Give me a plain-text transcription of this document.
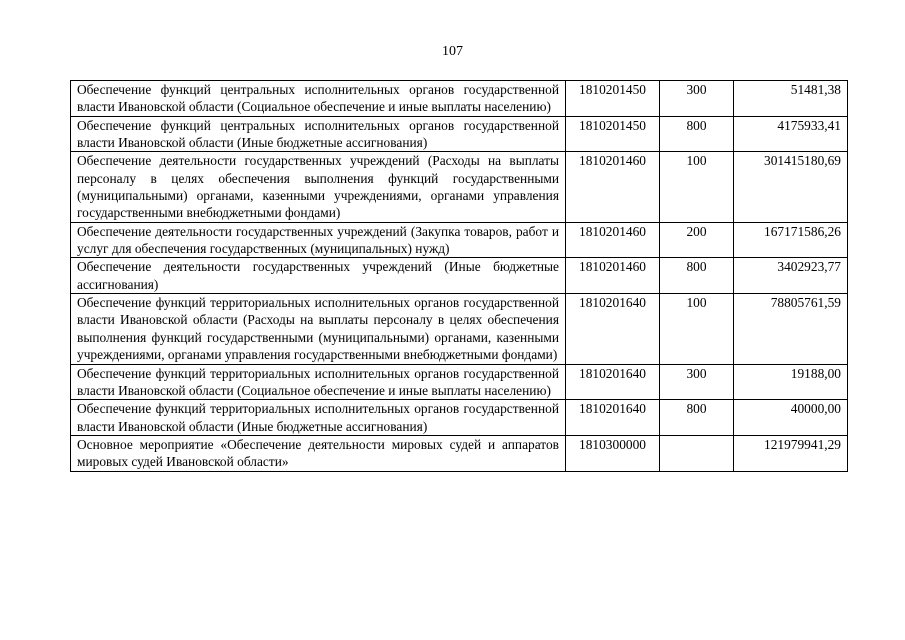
107
Обеспечение функций центральных исполнительных органов государственной власти Ивановской области (Социальное обеспечение и иные выплаты населению)	1810201450	300	51481,38
Обеспечение функций центральных исполнительных органов государственной власти Ивановской области (Иные бюджетные ассигнования)	1810201450	800	4175933,41
Обеспечение деятельности государственных учреждений (Расходы на выплаты персоналу в целях обеспечения выполнения функций государственными (муниципальными) органами, казенными учреждениями, органами управления государственными внебюджетными фондами)	1810201460	100	301415180,69
Обеспечение деятельности государственных учреждений (Закупка товаров, работ и услуг для обеспечения государственных (муниципальных) нужд)	1810201460	200	167171586,26
Обеспечение деятельности государственных учреждений (Иные бюджетные ассигнования)	1810201460	800	3402923,77
Обеспечение функций территориальных исполнительных органов государственной власти Ивановской области (Расходы на выплаты персоналу в целях обеспечения выполнения функций государственными (муниципальными) органами, казенными учреждениями, органами управления государственными внебюджетными фондами)	1810201640	100	78805761,59
Обеспечение функций территориальных исполнительных органов государственной власти Ивановской области (Социальное обеспечение и иные выплаты населению)	1810201640	300	19188,00
Обеспечение функций территориальных исполнительных органов государственной власти Ивановской области (Иные бюджетные ассигнования)	1810201640	800	40000,00
Основное мероприятие «Обеспечение деятельности мировых судей и аппаратов мировых судей Ивановской области»	1810300000		121979941,29
